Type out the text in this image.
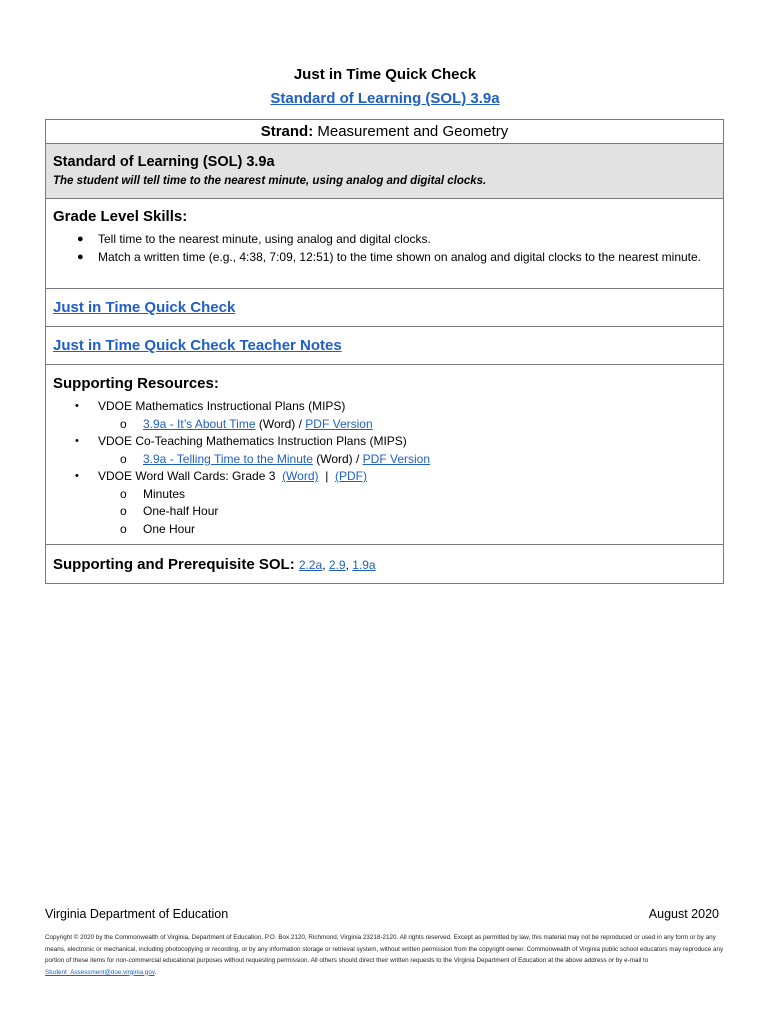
Just in Time Quick Check
Standard of Learning (SOL) 3.9a
Strand: Measurement and Geometry
Standard of Learning (SOL) 3.9a
The student will tell time to the nearest minute, using analog and digital clocks.
Grade Level Skills:
● Tell time to the nearest minute, using analog and digital clocks.
● Match a written time (e.g., 4:38, 7:09, 12:51) to the time shown on analog and digital clocks to the nearest minute.
Just in Time Quick Check
Just in Time Quick Check Teacher Notes
Supporting Resources:
• VDOE Mathematics Instructional Plans (MIPS)
o 3.9a - It’s About Time (Word) / PDF Version
• VDOE Co-Teaching Mathematics Instruction Plans (MIPS)
o 3.9a - Telling Time to the Minute (Word) / PDF Version
• VDOE Word Wall Cards: Grade 3 (Word) | (PDF)
o Minutes
o One-half Hour
o One Hour
Supporting and Prerequisite SOL: 2.2a, 2.9, 1.9a
Virginia Department of Education	August 2020
Copyright © 2020 by the Commonwealth of Virginia, Department of Education, P.O. Box 2120, Richmond, Virginia 23218-2120. All rights reserved. Except as permitted by law, this material may not be reproduced or used in any form or by any means, electronic or mechanical, including photocopying or recording, or by any information storage or retrieval system, without written permission from the copyright owner. Commonwealth of Virginia public school educators may reproduce any portion of these items for non-commercial educational purposes without requesting permission. All others should direct their written requests to the Virginia Department of Education at the above address or by e-mail to Student_Assessment@doe.virginia.gov.
